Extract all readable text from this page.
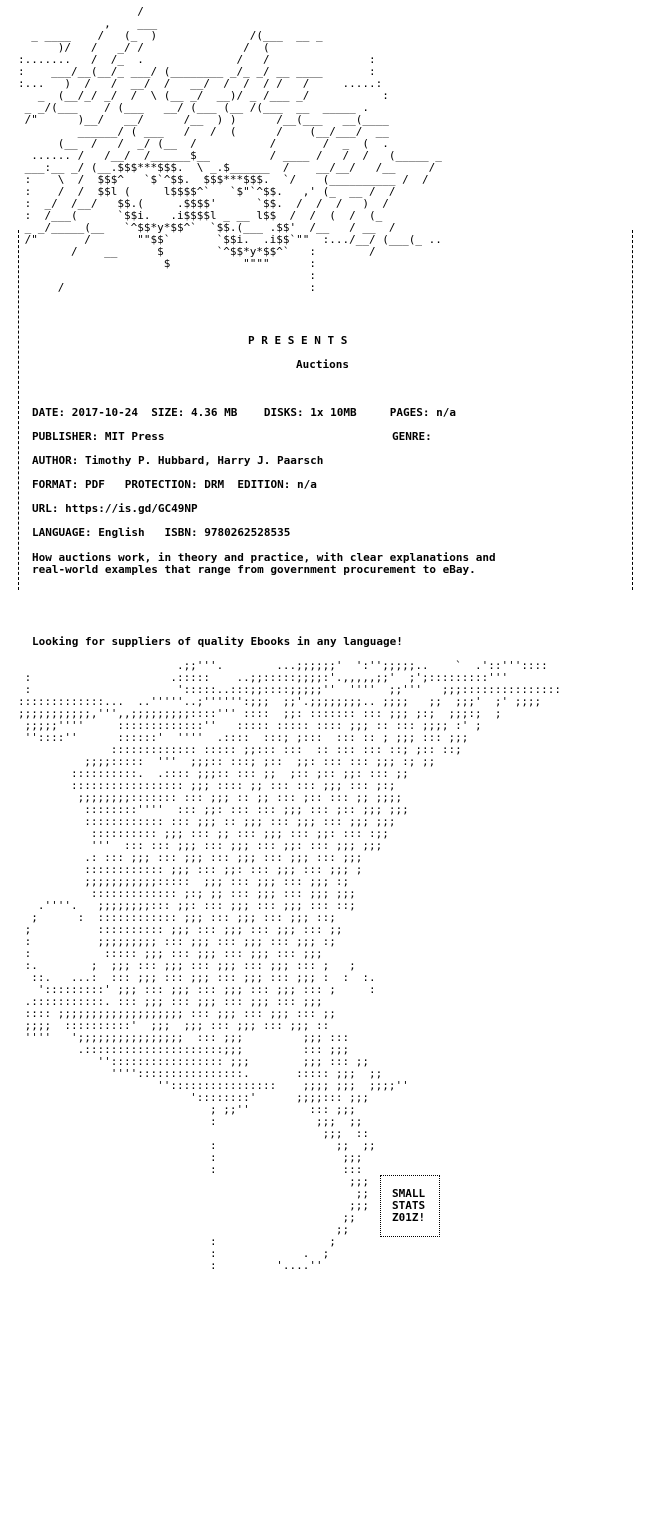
/
,    ___
_ ____    /   (_  )              /(___  __ _
)/   /   _/ /               /  (
:.......   /  /_  .              /   /               :
:    ___/__(__/_ ___/ (________ _/_ _/ __ ____       :
:...   )  /   /  __/  /   __/  /  /  / /   /     .....:
_  (__/_/ _/  /  \ (__ _/  __)/ _ /___ _/           :
_ _/(___    / (___   __/ (___ (__ /(___  __  _____ .
/"      )__/   __/      /__  ) )      /__(___   __(____
______/ ( ___   /   /  (      /    (__/___/  __
(__  /   /  _/ (__  /           /       /  _  (  .
...... /   /__/  /______$__         / ____ /   /  /   (_____ _
___:__ _/ (__.$$$***$$$.  \ _.$______  /    __/__/   /__     /
:    \  /  $$$^   `$`^$$.  $$$***$$$.  `/    (__________ /  /
:    /  /  $$l (     l$$$$^`   `$"`^$$.   ,' (_  __ /  /
:  _/  /__/   $$.(     .$$$$'      `$$.  /  /  /   )  /
:  /___(      `$$i.   .i$$$$l _ __ l$$  /  /  (  /  (_
_ _/_____(__   `^$$*y*$$^`  `$$.(___ .$$'  /__   / __  /
/"       /       ""$$`       `$$i.  .i$$`""  :.../__/ (___(_ ..
/    __      $        `^$$*y*$$^`   :        /
$           """"      :
:
/                                     :
P R E S E N T S
Auctions
DATE: 2017-10-24 SIZE: 4.36 MB DISKS: 1x 10MB	PAGES: n/a
PUBLISHER: MIT Press	GENRE:
AUTHOR: Timothy P. Hubbard, Harry J. Paarsch
FORMAT: PDF PROTECTION: DRM EDITION: n/a
URL: https://is.gd/GC49NP
LANGUAGE: English ISBN: 9780262528535
How auctions work, in theory and practice, with clear explanations and
real-world examples that range from government procurement to eBay.
Looking for suppliers of quality Ebooks in any language!
.;;'''.        ...;;;;;;'  ':'';;;;;..    `  .'::'''::::
:                     .:::::    ..;;:::::;;;;:'.,,,,,;;'  ;';:::::::::'''
:                      ':::::..:::;;::::;;;;;''  ''''  ;;'''   ;;;:::::::::::::::
:::::::::::::...  ..'''''..;'''''':;;;  ;;'.;;;;;;;;.. ;;;;   ;;  ;;;'  ;' ;;;;
;;;;;;;;;;;,''',,;;;;;;;;;::::''' ::::  ;;: ::::::: ::: ;;; ;:;  ;;;:;  ;
;;;;;''''     :::::::::::::''   ::::: ::::: :::: ;;; :: ::: ;;;; :' ;
''::::''      ::::::'  ''''  .::::  :::; ;:::  ::: :: ; ;;; ::: ;;;
::::::::::::: ::::: ;;::: :::  :: ::: ::: ::; ;:: ::;
;;;;:::::  '''  ;;;:: :::; ;::  ;;: ::: ::: ;;; :; ;;
::::::::::.  .:::: ;;;:: ::: ;;  ;:: ;:: ;;: ::: ;;
::::::::::::::::: ;;; :::: ;; ::: ::: ;;; ::: ;:;
;;;;;;;;::::::: ::: ;;; :: ;; ::: ;:: ::: ;; ;;;;
::::::::''''  ::: ;;: ::: ::: ;;; ::: ;:: ;;; ;;;
:::::::::::: ::: ;;; :: ;;; ::: ;;; ::: ;;; ;;;
:::::::::: ;;; ::: ;; ::: ;;; ::: ;;: ::: :;;
'''  ::: ::: ;;; ::: ;;; ::: ;;: ::: ;;; ;;;
.: ::: ;;; ::: ;;; ::: ;;; ::: ;;; ::: ;;;
:::::::::::: ;;; ::: ;;: ::: ;;; ::: ;;; ;
;;;;;;;;;;;:::::  ;;; ::: ;;; ::: ;;; :;
::::::::::::: ;:; ;; ::: ;;; ::: ;;; ;;;
.''''.   ;;;;;;;;::: ;;: ::: ;;; ::: ;;; ::: ::;
;      :  :::::::::::: ;;; ::: ;;; ::: ;;; ::;
;          :::::::::: ;;; ::: ;;; ::: ;;; ::: ;;
:          ;;;;;;;;; ::: ;;; ::: ;;; ::: ;;; :;
:           ::::: ;;; ::: ;;; ::: ;;; ::: ;;;
:.        ;  ;;; ::: ;;; ::: ;;; ::: ;;; ::: ;   ;
::.   ...:  ::: ;;; ::: ;;; ::: ;;; ::: ;;; :  :  :.
':::::::::' ;;; ::: ;;; ::: ;;; ::: ;;; ::: ;     :
.:::::::::::. ::: ;;; ::: ;;; ::: ;;; ::: ;;;
:::: ;;;;;;;;;;;;;;;;;;; ::: ;;; ::: ;;; ::: ;;
;;;;  ::::::::::'  ;;;  ;;; ::: ;;; ::: ;;; ::
''''   ';;;;;;;;;;;;;;;;  ::: ;;;         ;;; :::
.:::::::::::::::::::::;;;         ::: ;;;
''::::::::::::::::: ;;;        ;;; ::: ;;
''''::::::::::::::::.       ::::: ;;;  ;;
''::::::::::::::::    ;;;; ;;;  ;;;;''
'::::::::'      ;;;;::: ;;;
; ;;''         ::: ;;;
:               ;;;  ;;
;;;  ::
:                  ;;  ;;
:                   ;;;
:                   :::
;;;
;;
;;;
;;
;;
:                 ;
:             .  ;
:         '....''
SMALL
STATS
Z01Z!
